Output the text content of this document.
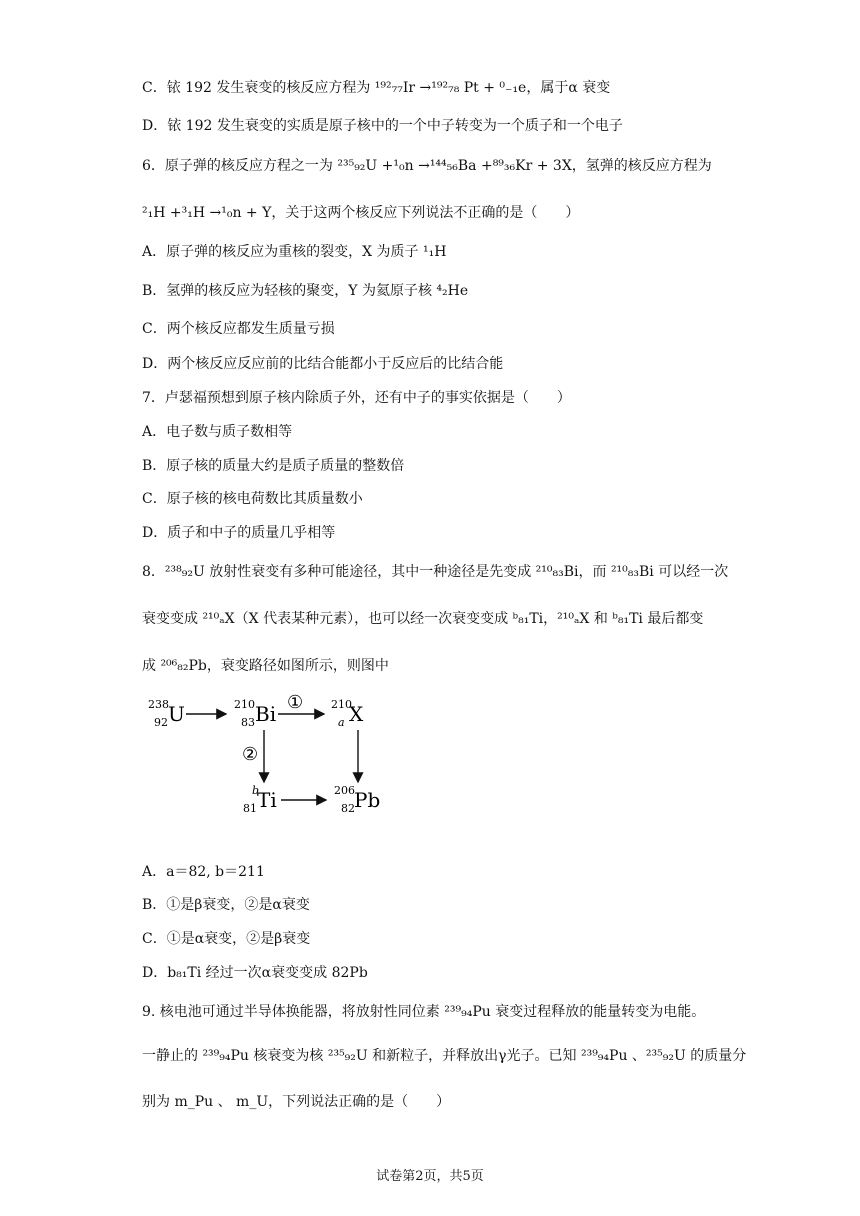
C．铱 192 发生衰变的核反应方程为 ¹⁹²₇₇Ir →¹⁹²₇₈ Pt + ⁰₋₁e，属于α 衰变
D．铱 192 发生衰变的实质是原子核中的一个中子转变为一个质子和一个电子
6．原子弹的核反应方程之一为 ²³⁵₉₂U +¹₀n →¹⁴⁴₅₆Ba +⁸⁹₃₆Kr + 3X，氢弹的核反应方程为
²₁H +³₁H →¹₀n + Y，关于这两个核反应下列说法不正确的是（　　）
A．原子弹的核反应为重核的裂变，X 为质子 ¹₁H
B．氢弹的核反应为轻核的聚变，Y 为氦原子核 ⁴₂He
C．两个核反应都发生质量亏损
D．两个核反应反应前的比结合能都小于反应后的比结合能
7．卢瑟福预想到原子核内除质子外，还有中子的事实依据是（　　）
A．电子数与质子数相等
B．原子核的质量大约是质子质量的整数倍
C．原子核的核电荷数比其质量数小
D．质子和中子的质量几乎相等
8．²³⁸₉₂U 放射性衰变有多种可能途径，其中一种途径是先变成 ²¹⁰₈₃Bi，而 ²¹⁰₈₃Bi 可以经一次
衰变变成 ²¹⁰ₐX（X 代表某种元素），也可以经一次衰变变成 ᵇ₈₁Ti，²¹⁰ₐX 和 ᵇ₈₁Ti 最后都变
成 ²⁰⁶₈₂Pb，衰变路径如图所示，则图中
238
92 U	210
83 Bi ①	210
a X
②
b
81 Ti	206
82 Pb
A．a＝82, b＝211
B．①是β衰变，②是α衰变
C．①是α衰变，②是β衰变
D．b₈₁Ti 经过一次α衰变变成 82Pb
9. 核电池可通过半导体换能器，将放射性同位素 ²³⁹₉₄Pu 衰变过程释放的能量转变为电能。
一静止的 ²³⁹₉₄Pu 核衰变为核 ²³⁵₉₂U 和新粒子，并释放出γ光子。已知 ²³⁹₉₄Pu 、²³⁵₉₂U 的质量分
别为 m_Pu 、 m_U，下列说法正确的是（　　）
试卷第2页，共5页
